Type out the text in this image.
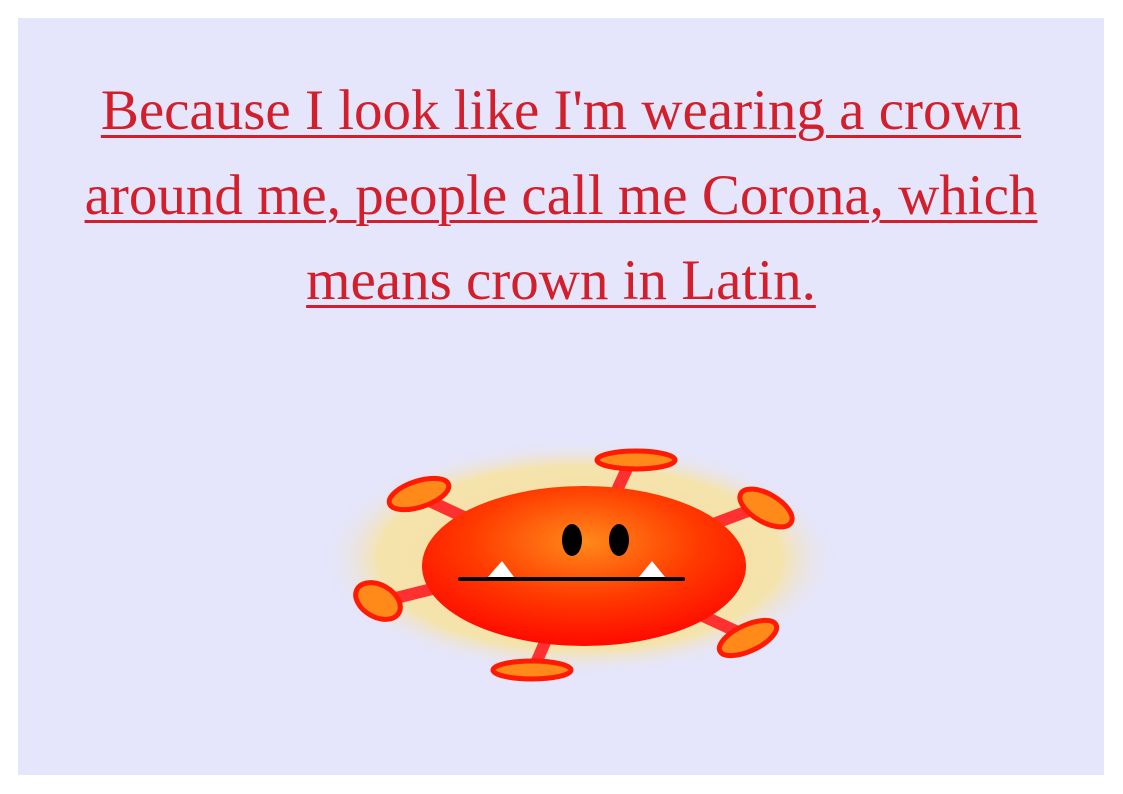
Because I look like I'm wearing a crown around me, people call me Corona, which means crown in Latin.
